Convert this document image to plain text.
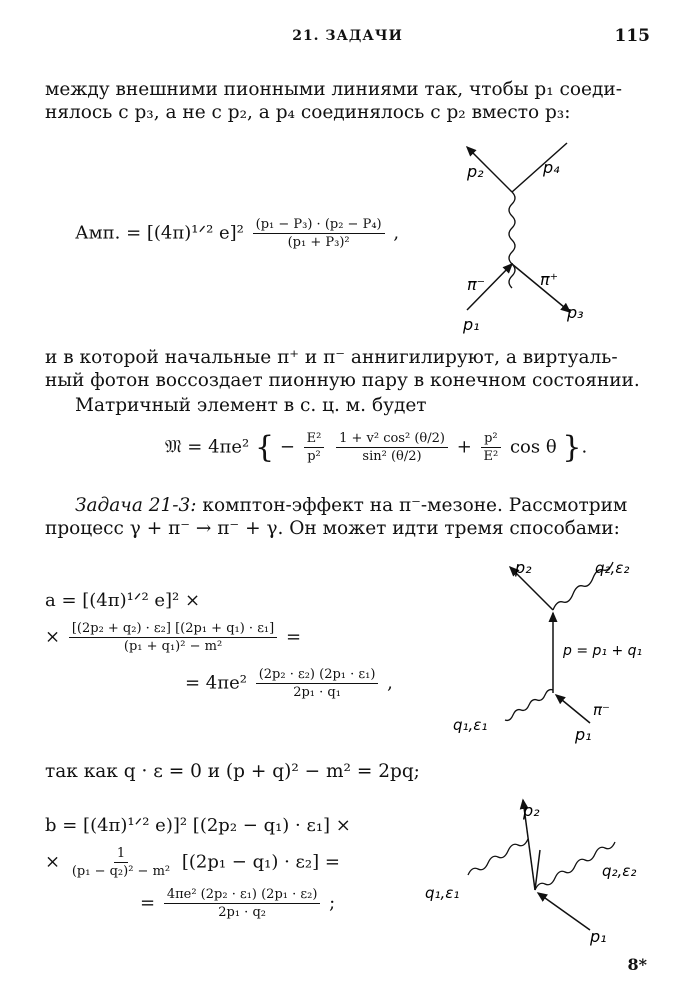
21. ЗАДАЧИ	115
между внешними пионными линиями так, чтобы p₁ соеди-
нялось с p₃, а не с p₂, а p₄ соединялось с p₂ вместо p₃:
Амп. = [(4π)¹ᐟ² $e]^2 \frac{\text{(p₁ − P₃) · (p₂ − P₄)}}{\text{(p₁ + P₃)²}}$ ,
p₂	p₄
π⁻	π⁺
p₁
p₃
и в которой начальные π⁺ и π⁻ аннигилируют, а виртуаль-
ный фотон воссоздает пионную пару в конечном состоянии.
Матричный элемент в с. ц. м. будет
𝔐 = 4πe² { − $\frac{\text{E²}}{\text{p²}}$
$\frac{\text{1 + v² cos² (θ/2)}}{\text{sin² (θ/2)}} + \frac{\text{p²}}{\text{E²}}$ cos θ }.
Задача 21-3: комптон-эффект на π⁻-мезоне. Рассмотрим
процесс γ + π⁻ → π⁻ + γ. Он может идти тремя способами:
a = [(4π)¹ᐟ² e]² ×
× $\frac{\text{[(2p₂ + q₂) · ε₂] [(2p₁ + q₁) · ε₁]}}{\text{(p₁ + q₁)² − m²}}$ =
= $4\pi e^2 \frac{\text{(2p₂ · ε₂) (2p₁ · ε₁)}}{\text{2p₁ · q₁}}$ ,
p₂	q₂,ε₂
p = p₁ + q₁
q₁,ε₁
π⁻
p₁
так как q · ε = 0 и (p + q)² − m² = 2pq;
b = [(4π)¹ᐟ² e)]² [(2p₂ − q₁) · ε₁] ×
× $\frac{1}{\text{(p₁ − q₂)² − m²}} [(2p_1 - q_1) \cdot \varepsilon_2]$ =
= $\frac{\text{4πe² (2p₂ · ε₁) (2p₁ · ε₂)}}{\text{2p₁ · q₂}}$ ;
p₂
q₂,ε₂
q₁,ε₁
p₁
8*
